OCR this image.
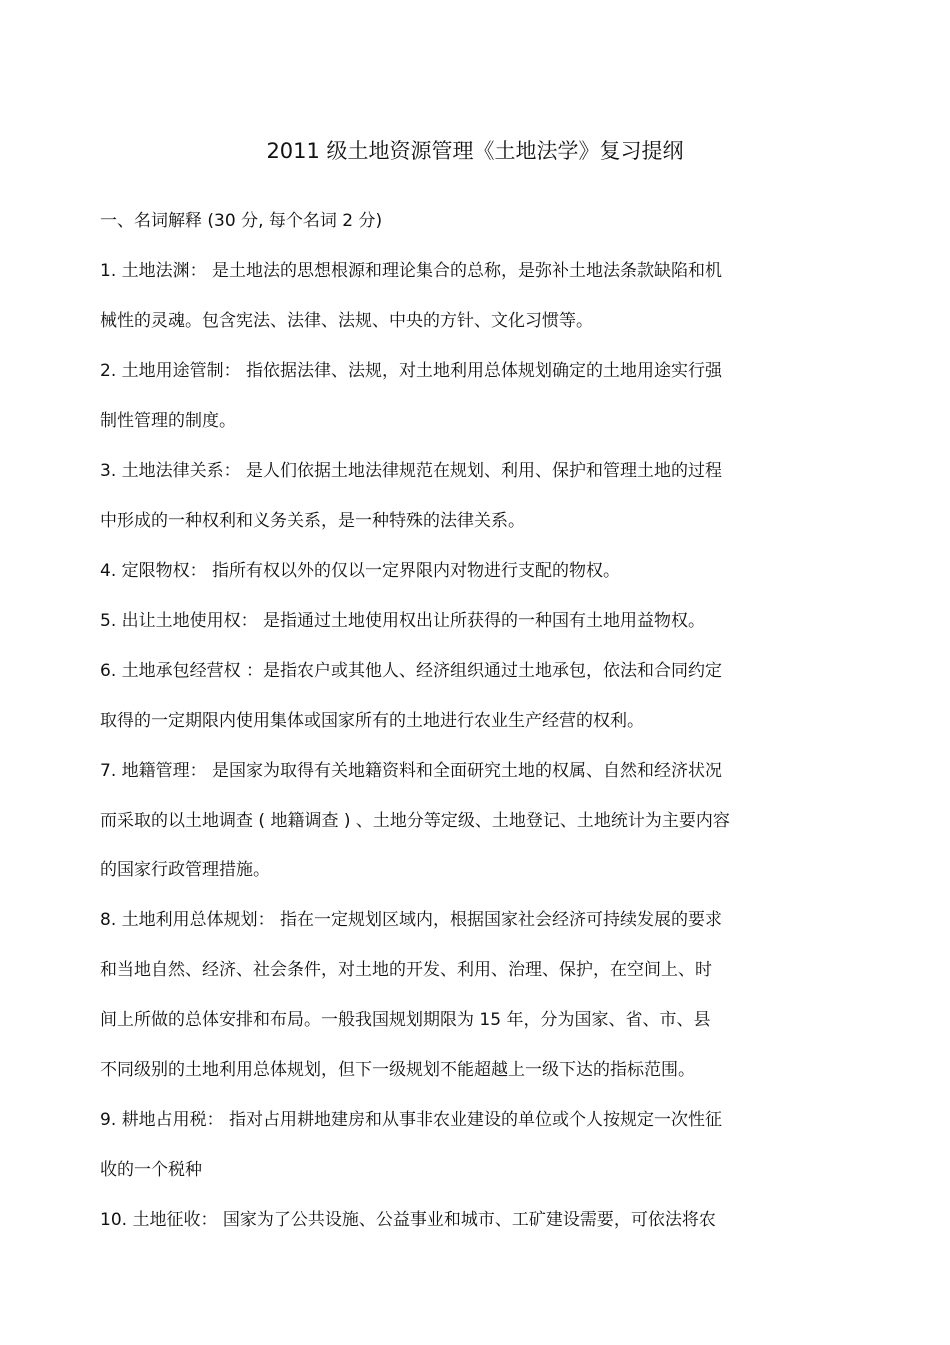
2011 级土地资源管理《土地法学》复习提纲
一、名词解释 (30 分, 每个名词 2 分)
1. 土地法渊： 是土地法的思想根源和理论集合的总称，是弥补土地法条款缺陷和机
械性的灵魂。包含宪法、法律、法规、中央的方针、文化习惯等。
2. 土地用途管制： 指依据法律、法规，对土地利用总体规划确定的土地用途实行强
制性管理的制度。
3. 土地法律关系： 是人们依据土地法律规范在规划、利用、保护和管理土地的过程
中形成的一种权利和义务关系，是一种特殊的法律关系。
4. 定限物权： 指所有权以外的仅以一定界限内对物进行支配的物权。
5. 出让土地使用权： 是指通过土地使用权出让所获得的一种国有土地用益物权。
6. 土地承包经营权 ：是指农户或其他人、经济组织通过土地承包，依法和合同约定
取得的一定期限内使用集体或国家所有的土地进行农业生产经营的权利。
7. 地籍管理： 是国家为取得有关地籍资料和全面研究土地的权属、自然和经济状况
而采取的以土地调查 ( 地籍调查 ) 、土地分等定级、土地登记、土地统计为主要内容
的国家行政管理措施。
8. 土地利用总体规划： 指在一定规划区域内，根据国家社会经济可持续发展的要求
和当地自然、经济、社会条件，对土地的开发、利用、治理、保护，在空间上、时
间上所做的总体安排和布局。一般我国规划期限为 15 年，分为国家、省、市、县
不同级别的土地利用总体规划，但下一级规划不能超越上一级下达的指标范围。
9. 耕地占用税： 指对占用耕地建房和从事非农业建设的单位或个人按规定一次性征
收的一个税种
10. 土地征收： 国家为了公共设施、公益事业和城市、工矿建设需要，可依法将农
